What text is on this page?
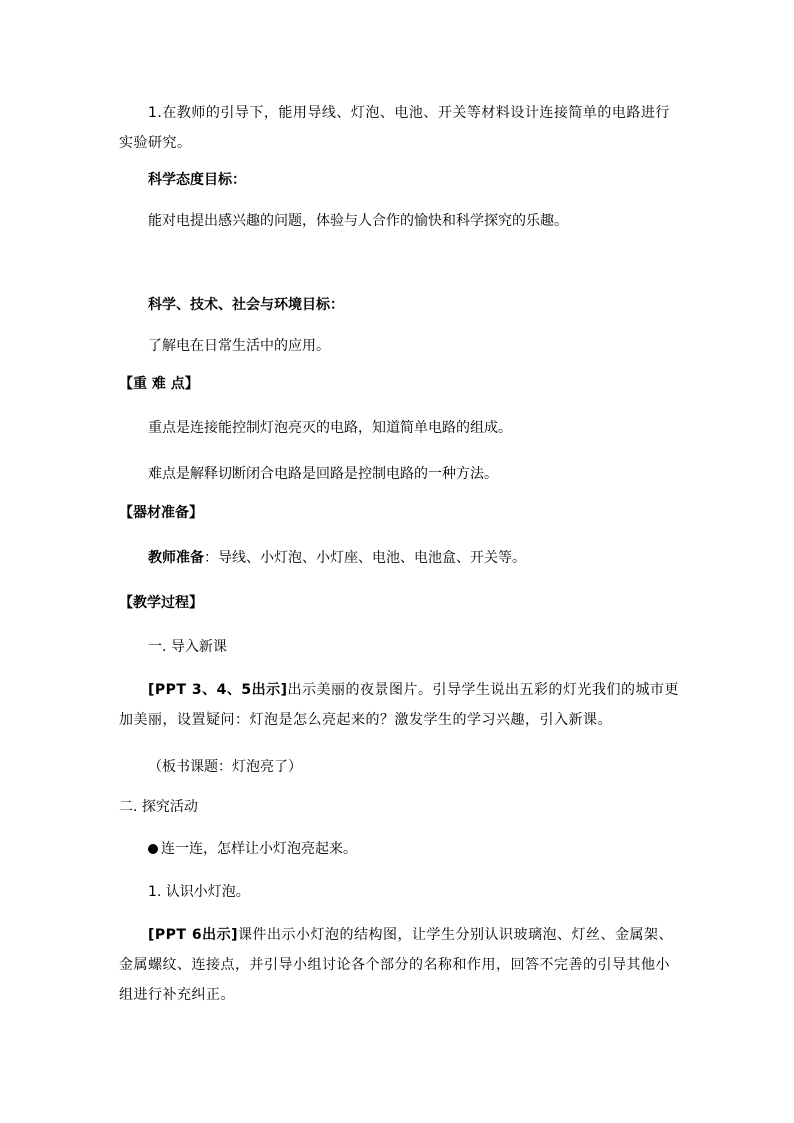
1.在教师的引导下，能用导线、灯泡、电池、开关等材料设计连接简单的电路进行实验研究。
科学态度目标：
能对电提出感兴趣的问题，体验与人合作的愉快和科学探究的乐趣。
科学、技术、社会与环境目标：
了解电在日常生活中的应用。
【重 难 点】
重点是连接能控制灯泡亮灭的电路，知道简单电路的组成。
难点是解释切断闭合电路是回路是控制电路的一种方法。
【器材准备】
教师准备：导线、小灯泡、小灯座、电池、电池盒、开关等。
【教学过程】
一. 导入新课
[PPT 3、4、5出示]出示美丽的夜景图片。引导学生说出五彩的灯光我们的城市更加美丽，设置疑问：灯泡是怎么亮起来的？激发学生的学习兴趣，引入新课。
（板书课题：灯泡亮了）
二. 探究活动
连一连，怎样让小灯泡亮起来。
1. 认识小灯泡。
[PPT 6出示]课件出示小灯泡的结构图，让学生分别认识玻璃泡、灯丝、金属架、金属螺纹、连接点，并引导小组讨论各个部分的名称和作用，回答不完善的引导其他小组进行补充纠正。
